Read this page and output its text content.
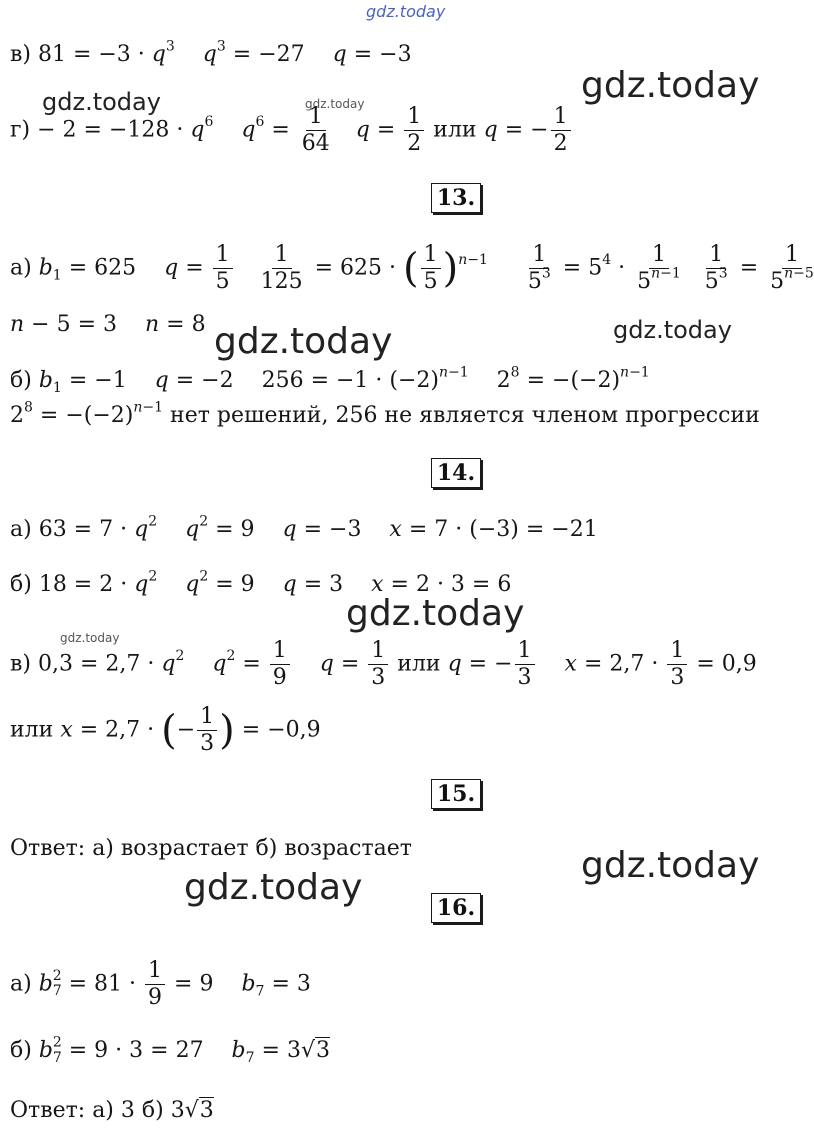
gdz.today
в) $81 = -3 \cdot q^3$ $q^3 = -27$    q = −3
gdz.today
gdz.today	gdz.today
$г) - 2 = -128 \cdot q^6$ $q^6 = \frac{1}{64}$ $q = \frac{1}{2}$ или q = − $\frac{1}{2}$
13.
а) $b_1 = 625$    $q = \frac{1}{5}$
$\frac{1}{125} = 625$ · ( $\frac{1}{5} )^{n-1} \frac{1}{5^3} = 5^4 \cdot \frac{1}{5^{n-1}}$
$\frac{1}{5^3} = \frac{1}{5^{n-5}}$
n − 5 = 3    n = 8 gdz.today	gdz.today
б) $b_1 = -1$    q = −2    $256 = -1 \cdot (-2)^{n-1}$    $2^8 = -(-2)^{n-1}$
$2^8 = -(-2)^{n-1}$ нет решений, 256 не является членом прогрессии
14.
а) $63 = 7 \cdot q^2$ $q^2 = 9$    q = −3    x = 7 · (−3) = −21
б) $18 = 2 \cdot q^2$ $q^2 = 9$    q = 3    x = 2 · 3 = 6
gdz.today
gdz.today
в) $0,3 = 2,7 \cdot q^2$ $q^2 = \frac{1}{9}$ $q = \frac{1}{3}$ или q = − $\frac{1}{3}$ $x = 2,7 \cdot \frac{1}{3} = 0,9$
или x = 2,7 · (− $\frac{1}{3}$ ) = −0,9
15.
Ответ: а) возрастает б) возрастает	gdz.today
gdz.today	16.
а) $b^2_7 = 81 \cdot \frac{1}{9} = 9$    $b_7 = 3$
б) $b^2_7 = 9 \cdot 3 = 27$    $b_7 = 3√3$
Ответ: а) 3 б) 3√3
